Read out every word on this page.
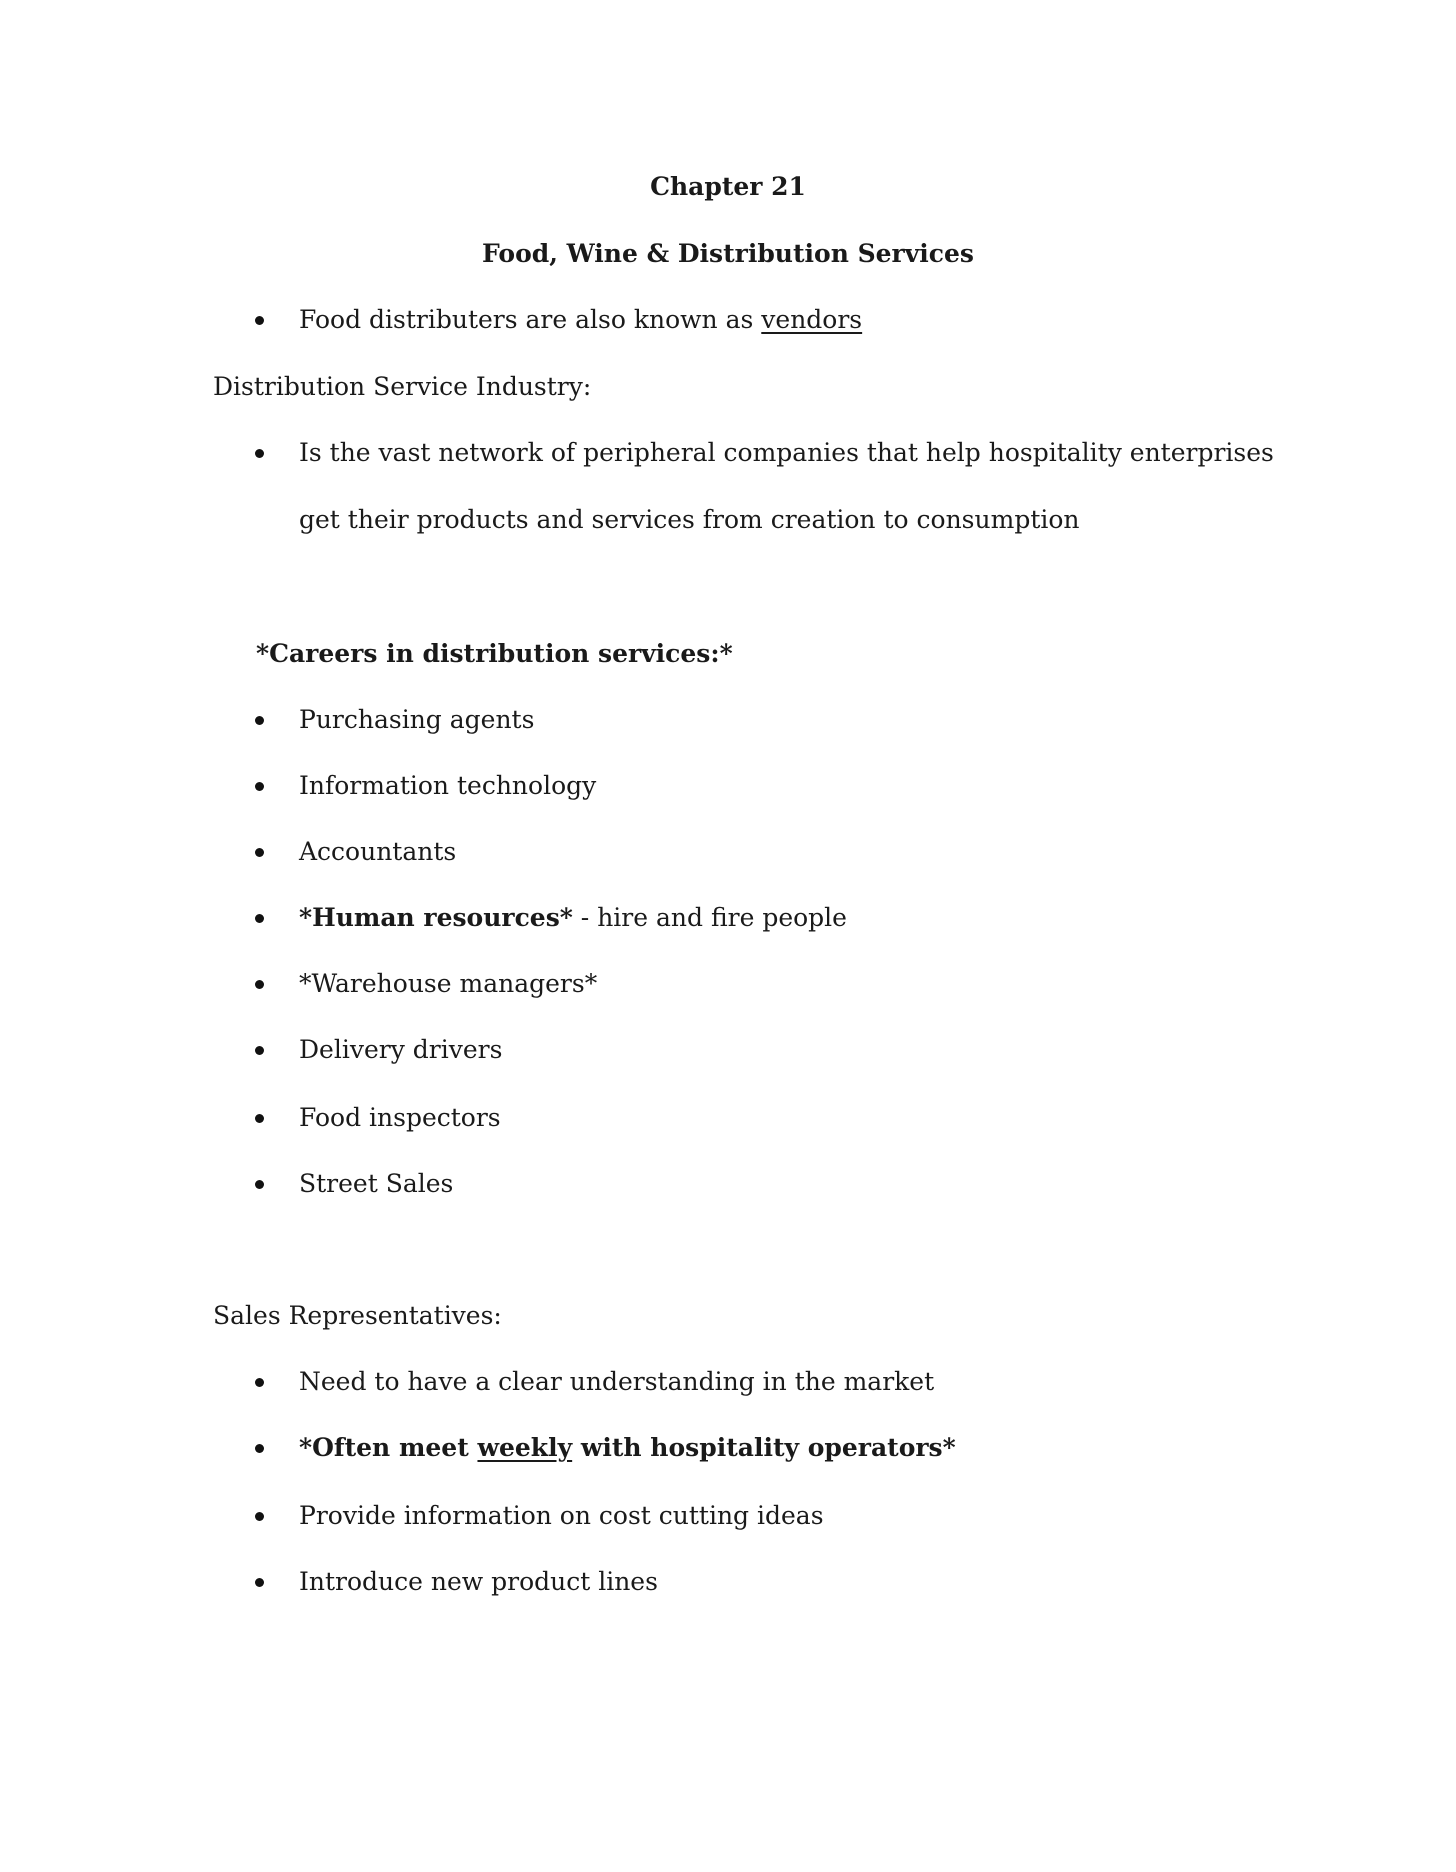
Chapter 21
Food, Wine & Distribution Services
Food distributers are also known as vendors
Distribution Service Industry:
Is the vast network of peripheral companies that help hospitality enterprises
get their products and services from creation to consumption
*Careers in distribution services:*
Purchasing agents
Information technology
Accountants
*Human resources* - hire and fire people
*Warehouse managers*
Delivery drivers
Food inspectors
Street Sales
Sales Representatives:
Need to have a clear understanding in the market
*Often meet weekly with hospitality operators*
Provide information on cost cutting ideas
Introduce new product lines
